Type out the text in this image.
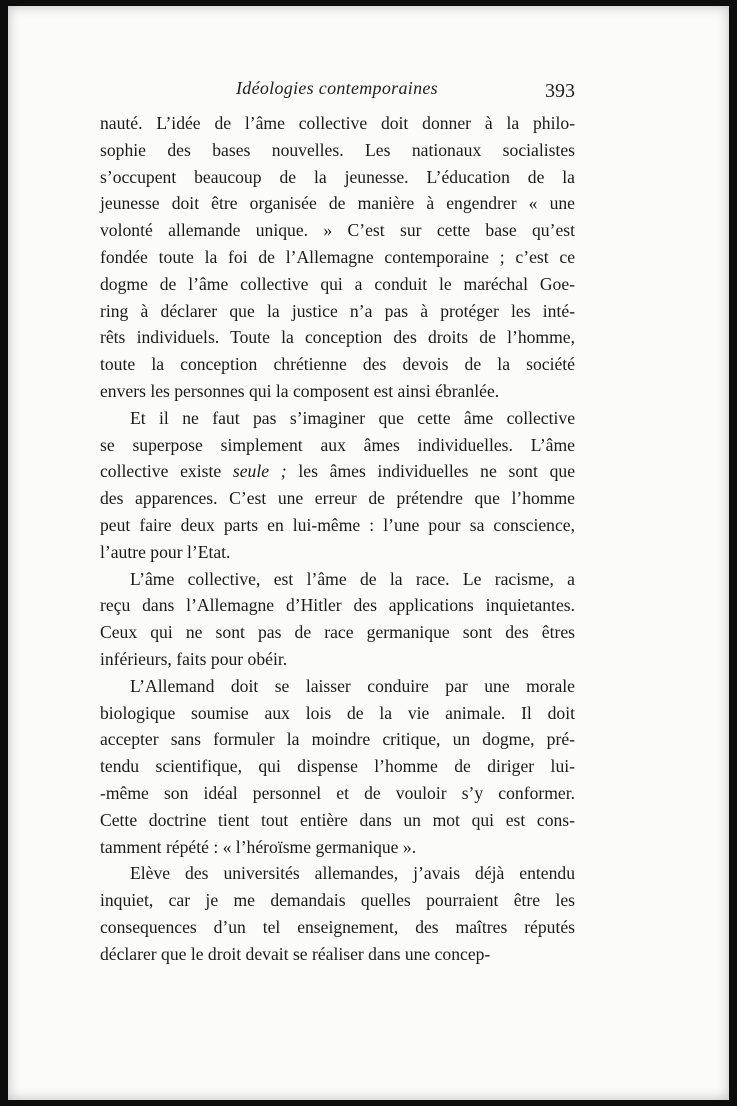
Idéologies contemporaines	393
nauté. L’idée de l’âme collective doit donner à la philo-
sophie des bases nouvelles. Les nationaux socialistes
s’occupent beaucoup de la jeunesse. L’éducation de la
jeunesse doit être organisée de manière à engendrer « une
volonté allemande unique. » C’est sur cette base qu’est
fondée toute la foi de l’Allemagne contemporaine ; c’est ce
dogme de l’âme collective qui a conduit le maréchal Goe-
ring à déclarer que la justice n’a pas à protéger les inté-
rêts individuels. Toute la conception des droits de l’homme,
toute la conception chrétienne des devois de la société
envers les personnes qui la composent est ainsi ébranlée.
Et il ne faut pas s’imaginer que cette âme collective
se superpose simplement aux âmes individuelles. L’âme
collective existe seule ; les âmes individuelles ne sont que
des apparences. C’est une erreur de prétendre que l’homme
peut faire deux parts en lui-même : l’une pour sa conscience,
l’autre pour l’Etat.
L’âme collective, est l’âme de la race. Le racisme, a
reçu dans l’Allemagne d’Hitler des applications inquietantes.
Ceux qui ne sont pas de race germanique sont des êtres
inférieurs, faits pour obéir.
L’Allemand doit se laisser conduire par une morale
biologique soumise aux lois de la vie animale. Il doit
accepter sans formuler la moindre critique, un dogme, pré-
tendu scientifique, qui dispense l’homme de diriger lui-
-même son idéal personnel et de vouloir s’y conformer.
Cette doctrine tient tout entière dans un mot qui est cons-
tamment répété : « l’héroïsme germanique ».
Elève des universités allemandes, j’avais déjà entendu
inquiet, car je me demandais quelles pourraient être les
consequences d’un tel enseignement, des maîtres réputés
déclarer que le droit devait se réaliser dans une concep-
